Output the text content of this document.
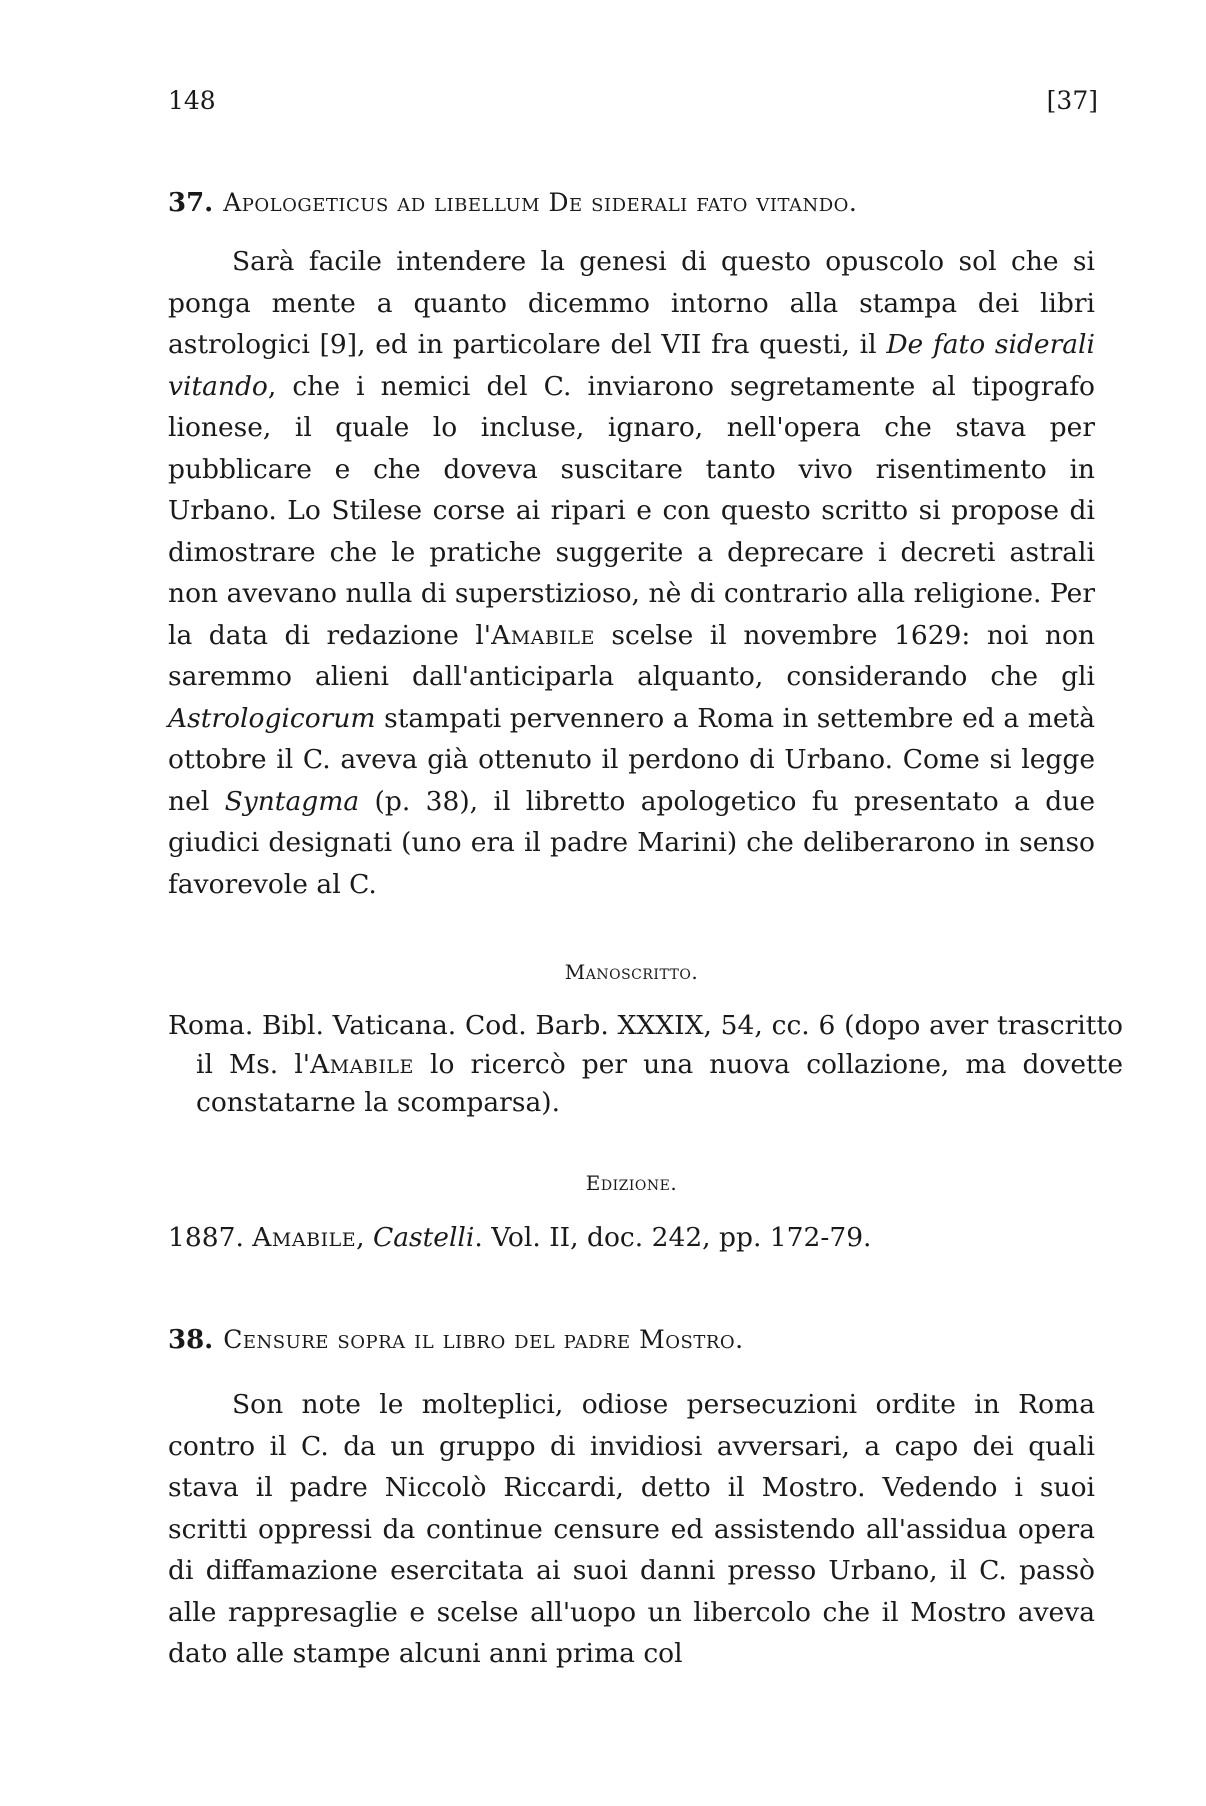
148	[37]
37. Apologeticus ad libellum De siderali fato vitando.

Sarà facile intendere la genesi di questo opuscolo sol che si ponga mente a quanto dicemmo intorno alla stampa dei libri astrologici [9], ed in particolare del VII fra questi, il De fato siderali vitando, che i nemici del C. inviarono segretamente al tipografo lionese, il quale lo incluse, ignaro, nell'opera che stava per pubblicare e che doveva suscitare tanto vivo risentimento in Urbano. Lo Stilese corse ai ripari e con questo scritto si propose di dimostrare che le pratiche suggerite a deprecare i decreti astrali non avevano nulla di superstizioso, nè di contrario alla religione. Per la data di redazione l'Amabile scelse il novembre 1629: noi non saremmo alieni dall'anticiparla alquanto, considerando che gli Astrologicorum stampati pervennero a Roma in settembre ed a metà ottobre il C. aveva già ottenuto il perdono di Urbano. Come si legge nel Syntagma (p. 38), il libretto apologetico fu presentato a due giudici designati (uno era il padre Marini) che deliberarono in senso favorevole al C.

Manoscritto.

Roma. Bibl. Vaticana. Cod. Barb. XXXIX, 54, cc. 6 (dopo aver trascritto il Ms. l'Amabile lo ricercò per una nuova collazione, ma dovette constatarne la scomparsa).

Edizione.

1887. Amabile, Castelli. Vol. II, doc. 242, pp. 172-79.

38. Censure sopra il libro del padre Mostro.

Son note le molteplici, odiose persecuzioni ordite in Roma contro il C. da un gruppo di invidiosi avversari, a capo dei quali stava il padre Niccolò Riccardi, detto il Mostro. Vedendo i suoi scritti oppressi da continue censure ed assistendo all'assidua opera di diffamazione esercitata ai suoi danni presso Urbano, il C. passò alle rappresaglie e scelse all'uopo un libercolo che il Mostro aveva dato alle stampe alcuni anni prima col
